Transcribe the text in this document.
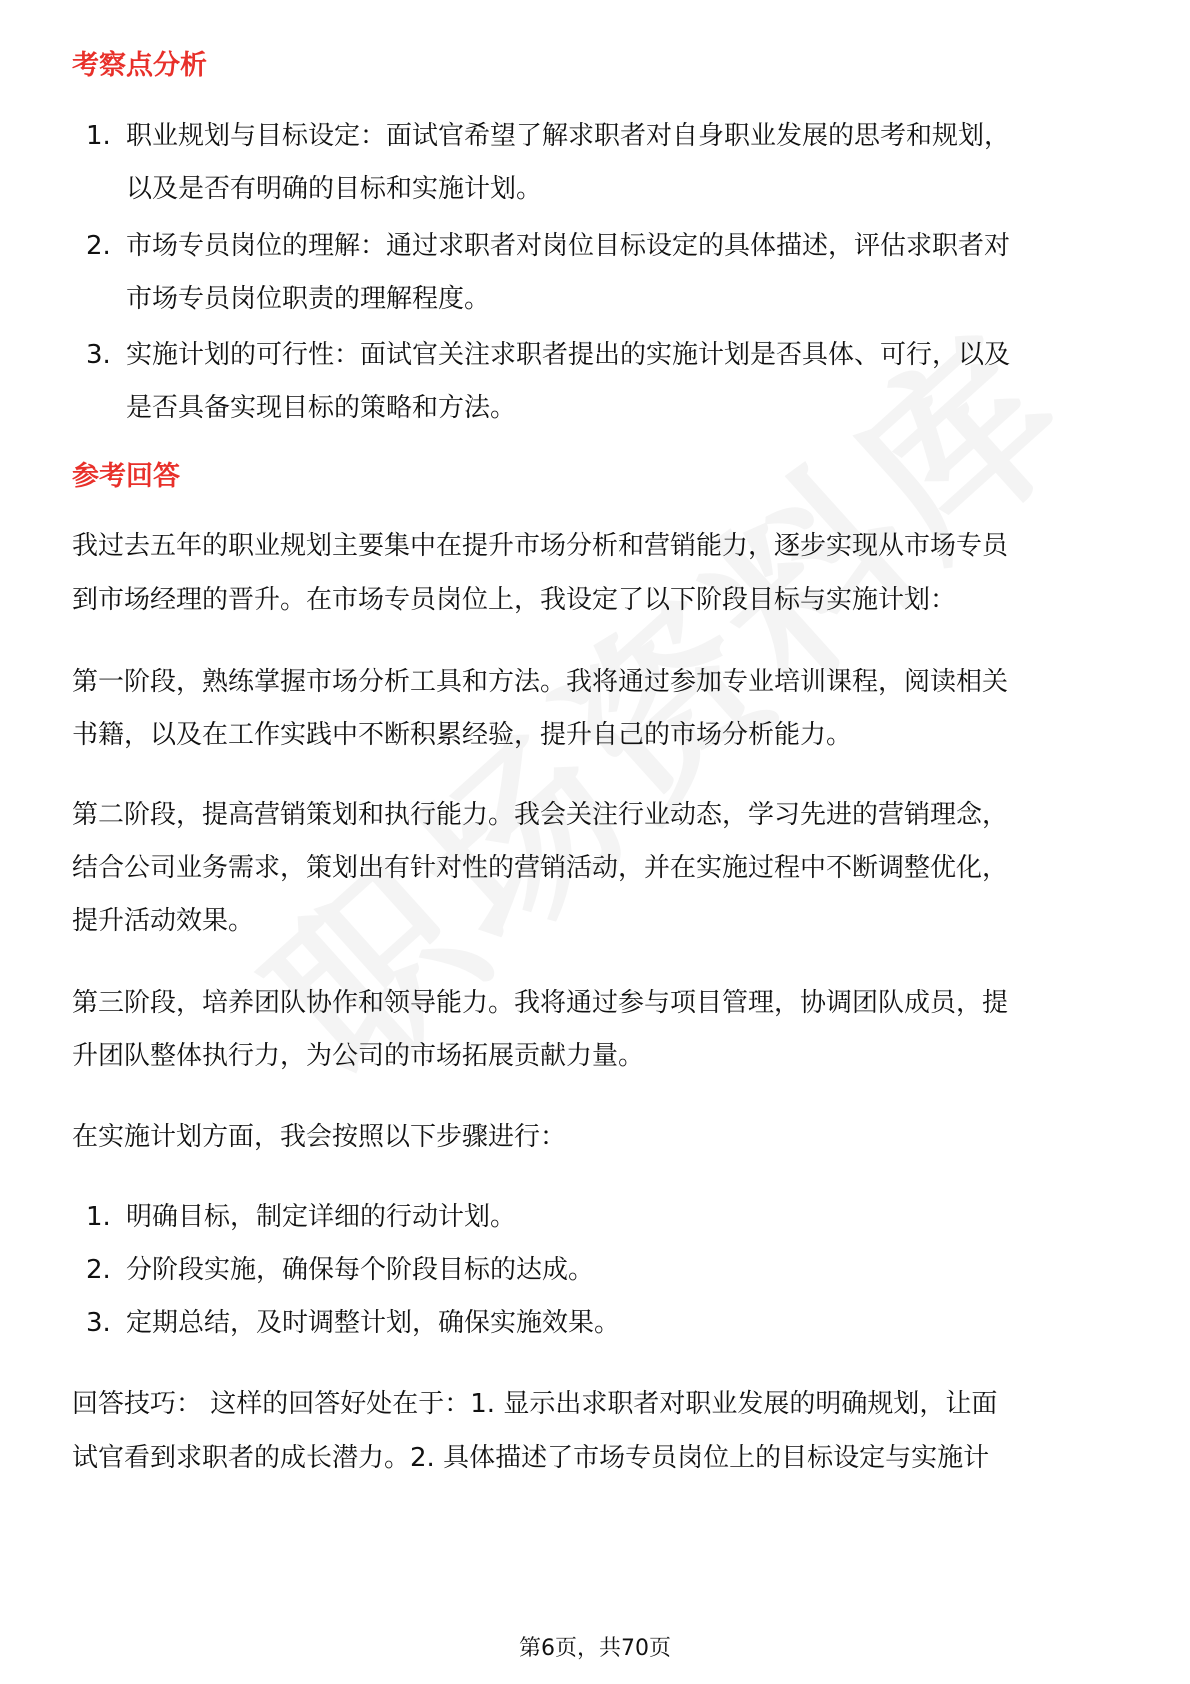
考察点分析
1. 职业规划与目标设定：面试官希望了解求职者对自身职业发展的思考和规划，
以及是否有明确的目标和实施计划。
2. 市场专员岗位的理解：通过求职者对岗位目标设定的具体描述，评估求职者对
市场专员岗位职责的理解程度。
3. 实施计划的可行性：面试官关注求职者提出的实施计划是否具体、可行，以及
是否具备实现目标的策略和方法。
参考回答
我过去五年的职业规划主要集中在提升市场分析和营销能力，逐步实现从市场专员
到市场经理的晋升。在市场专员岗位上，我设定了以下阶段目标与实施计划：
第一阶段，熟练掌握市场分析工具和方法。我将通过参加专业培训课程，阅读相关
书籍，以及在工作实践中不断积累经验，提升自己的市场分析能力。
第二阶段，提高营销策划和执行能力。我会关注行业动态，学习先进的营销理念，
结合公司业务需求，策划出有针对性的营销活动，并在实施过程中不断调整优化，
提升活动效果。
第三阶段，培养团队协作和领导能力。我将通过参与项目管理，协调团队成员，提
升团队整体执行力，为公司的市场拓展贡献力量。
在实施计划方面，我会按照以下步骤进行：
1. 明确目标，制定详细的行动计划。
2. 分阶段实施，确保每个阶段目标的达成。
3. 定期总结，及时调整计划，确保实施效果。
回答技巧： 这样的回答好处在于：1. 显示出求职者对职业发展的明确规划，让面
试官看到求职者的成长潜力。2. 具体描述了市场专员岗位上的目标设定与实施计
第6页，共70页
